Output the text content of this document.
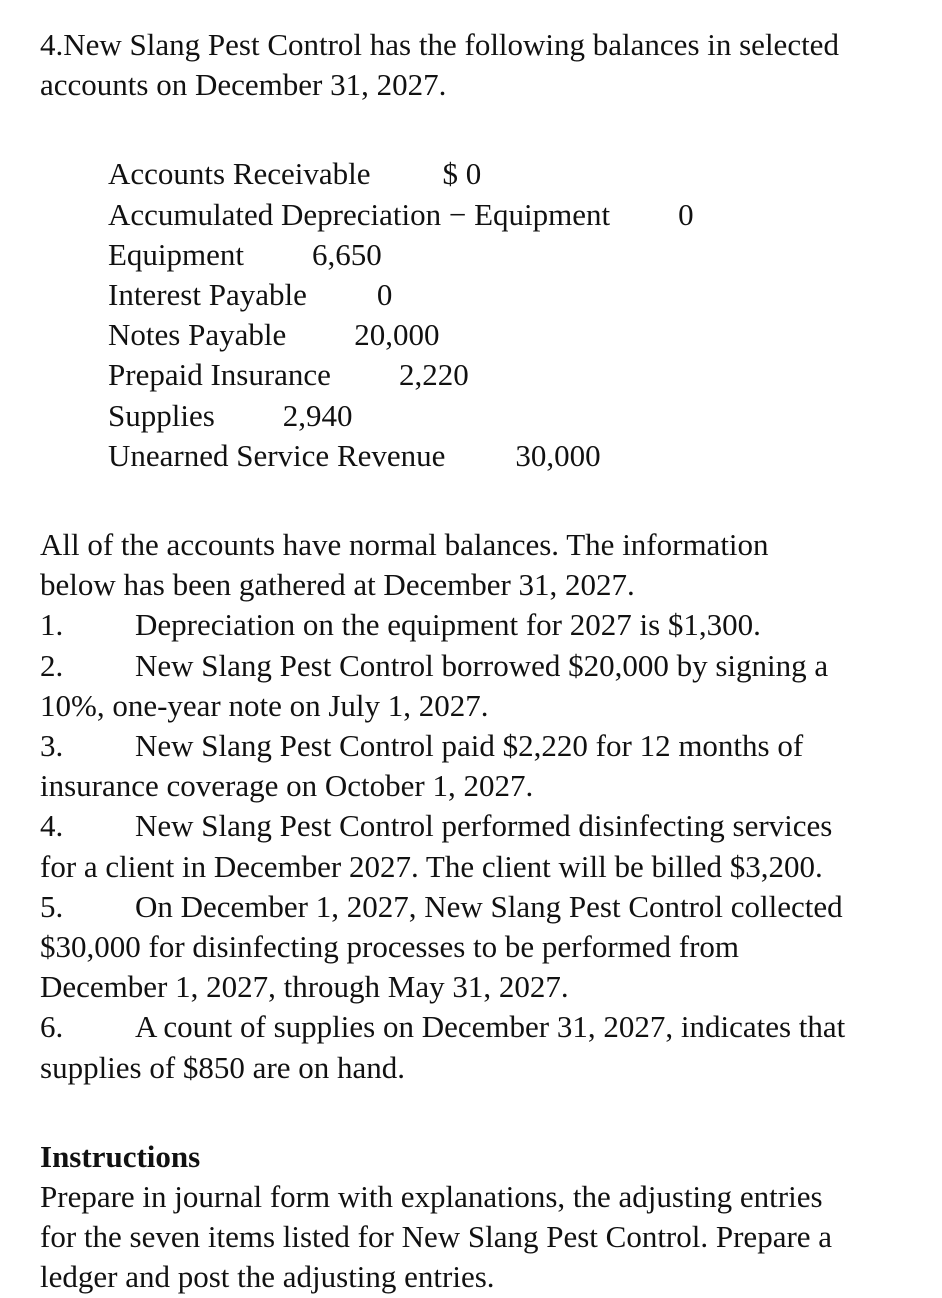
4.New Slang Pest Control has the following balances in selected

accounts on December 31, 2027.

Accounts Receivable $ 0
Accumulated Depreciation − Equipment 0
Equipment 6,650
Interest Payable 0
Notes Payable 20,000
Prepaid Insurance 2,220
Supplies 2,940
Unearned Service Revenue 30,000

All of the accounts have normal balances. The information

below has been gathered at December 31, 2027.

1. Depreciation on the equipment for 2027 is $1,300.
2. New Slang Pest Control borrowed $20,000 by signing a
10%, one-year note on July 1, 2027.
3. New Slang Pest Control paid $2,220 for 12 months of
insurance coverage on October 1, 2027.
4. New Slang Pest Control performed disinfecting services
for a client in December 2027. The client will be billed $3,200.
5. On December 1, 2027, New Slang Pest Control collected
$30,000 for disinfecting processes to be performed from
December 1, 2027, through May 31, 2027.
6. A count of supplies on December 31, 2027, indicates that
supplies of $850 are on hand.

Instructions

Prepare in journal form with explanations, the adjusting entries

for the seven items listed for New Slang Pest Control. Prepare a

ledger and post the adjusting entries.
